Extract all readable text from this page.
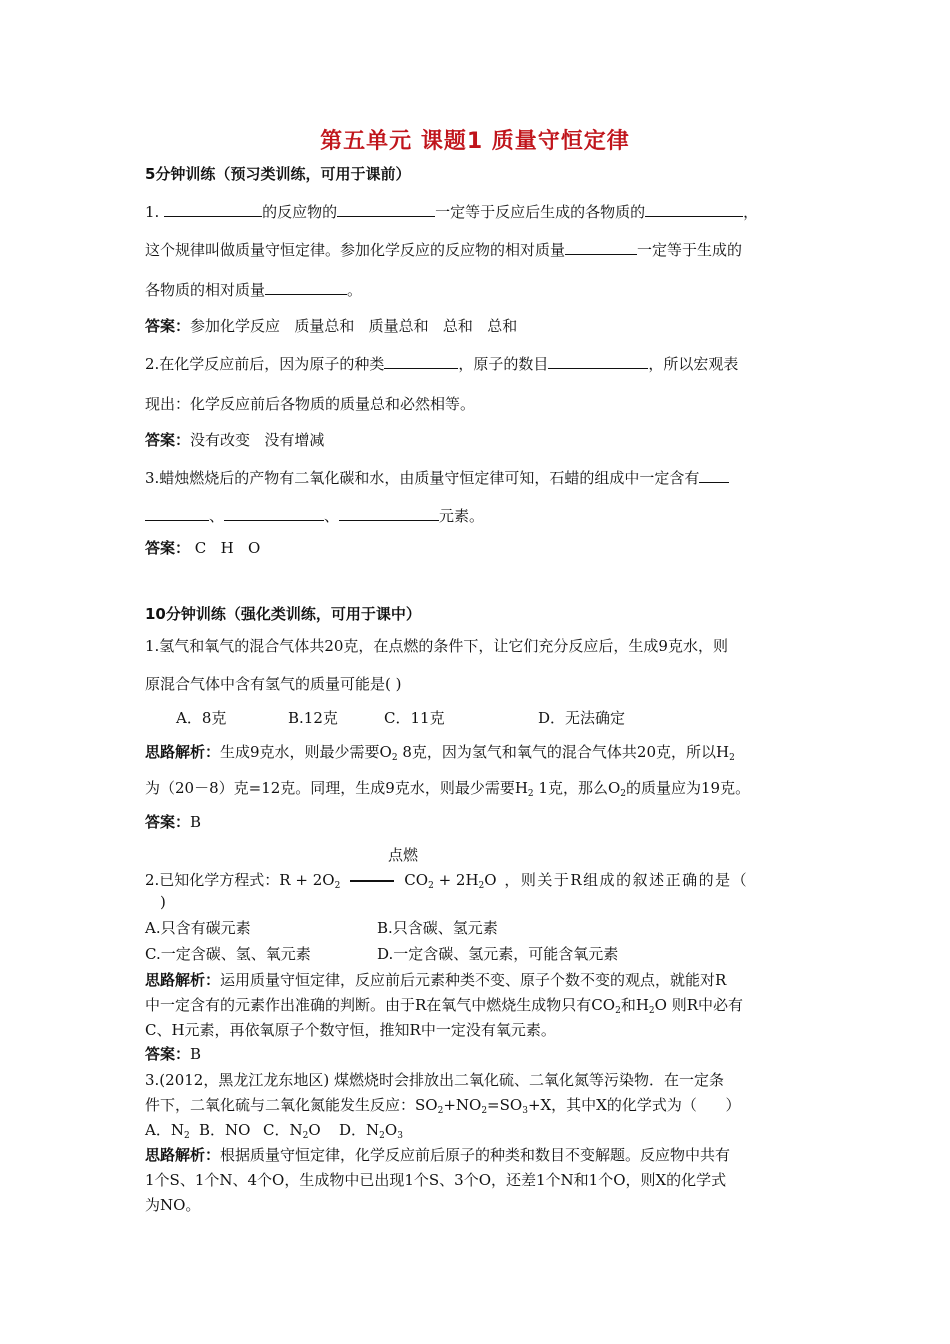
第五单元 课题1 质量守恒定律
5分钟训练（预习类训练，可用于课前）
1.	的反应物的	一定等于反应后生成的各物质的	，
这个规律叫做质量守恒定律。参加化学反应的反应物的相对质量	一定等于生成的
各物质的相对质量	。
答案：参加化学反应   质量总和   质量总和   总和   总和
2.在化学反应前后，因为原子的种类	，原子的数目	，所以宏观表
现出：化学反应前后各物质的质量总和必然相等。
答案：没有改变   没有增减
3.蜡烛燃烧后的产物有二氧化碳和水，由质量守恒定律可知，石蜡的组成中一定含有
、	、	元素。
答案： C   H   O
10分钟训练（强化类训练，可用于课中）
1.氢气和氧气的混合气体共20克，在点燃的条件下，让它们充分反应后，生成9克水，则
原混合气体中含有氢气的质量可能是( )
A．8克	B.12克	C．11克	D．无法确定
思路解析：生成9克水，则最少需要$O_2$ 8克，因为氢气和氧气的混合气体共20克，所以$H_2$
为（20－8）克=12克。同理，生成9克水，则最少需要$H_2$ 1克，那么$O_2$的质量应为19克。
答案：B
点燃
2.已知化学方程式：$R + 2O_2$	$CO_2 + 2H_2O$ ，则关于R组成的叙述正确的是（
)
A.只含有碳元素	B.只含碳、氢元素
C.一定含碳、氢、氧元素	D.一定含碳、氢元素，可能含氧元素
思路解析：运用质量守恒定律，反应前后元素种类不变、原子个数不变的观点，就能对R
中一定含有的元素作出准确的判断。由于R在氧气中燃烧生成物只有$CO_2$和$H_2O$ 则R中必有
C、H元素，再依氧原子个数守恒，推知R中一定没有氧元素。
答案：B
3.(2012，黑龙江龙东地区) 煤燃烧时会排放出二氧化硫、二氧化氮等污染物．在一定条
件下，二氧化硫与二氧化氮能发生反应：$SO_2+NO_2=SO_3+X$，其中X的化学式为（      ）
A．$N_2$ B．NO C．$N_2O$ D．$N_2O_3$
思路解析：根据质量守恒定律，化学反应前后原子的种类和数目不变解题。反应物中共有
1个S、1个N、4个O，生成物中已出现1个S、3个O，还差1个N和1个O，则X的化学式
为NO。
